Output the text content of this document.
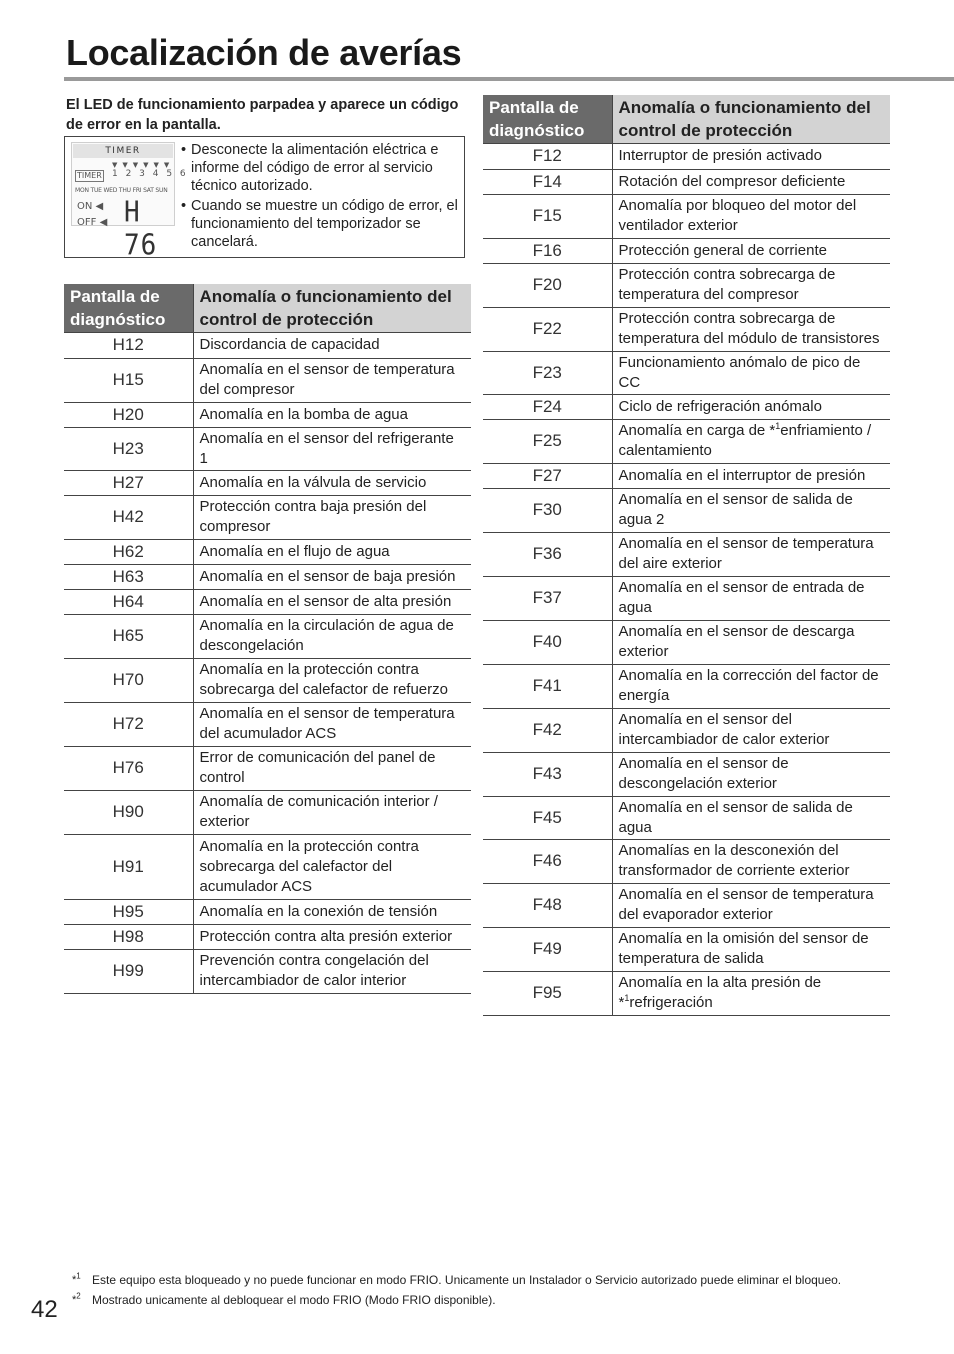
Localización de averías

El LED de funcionamiento parpadea y aparece un código de error en la pantalla.

TIMER
▼▼▼▼▼▼
TIMER 1 2 3 4 5 6
MON TUE WED THU FRI SAT SUN
ON ◀
OFF ◀ H 76
• Desconecte la alimentación eléctrica e informe del código de error al servicio técnico autorizado.
• Cuando se muestre un código de error, el funcionamiento del temporizador se cancelará.
Pantalla de diagnóstico	Anomalía o funcionamiento del control de protección
H12	Discordancia de capacidad
H15	Anomalía en el sensor de temperatura del compresor
H20	Anomalía en la bomba de agua
H23	Anomalía en el sensor del refrigerante 1
H27	Anomalía en la válvula de servicio
H42	Protección contra baja presión del compresor
H62	Anomalía en el flujo de agua
H63	Anomalía en el sensor de baja presión
H64	Anomalía en el sensor de alta presión
H65	Anomalía en la circulación de agua de descongelación
H70	Anomalía en la protección contra sobrecarga del calefactor de refuerzo
H72	Anomalía en el sensor de temperatura del acumulador ACS
H76	Error de comunicación del panel de control
H90	Anomalía de comunicación interior / exterior
H91	Anomalía en la protección contra sobrecarga del calefactor del acumulador ACS
H95	Anomalía en la conexión de tensión
H98	Protección contra alta presión exterior
H99	Prevención contra congelación del intercambiador de calor interior
Pantalla de diagnóstico	Anomalía o funcionamiento del control de protección
F12	Interruptor de presión activado
F14	Rotación del compresor deficiente
F15	Anomalía por bloqueo del motor del ventilador exterior
F16	Protección general de corriente
F20	Protección contra sobrecarga de temperatura del compresor
F22	Protección contra sobrecarga de temperatura del módulo de transistores
F23	Funcionamiento anómalo de pico de CC
F24	Ciclo de refrigeración anómalo
F25	Anomalía en carga de *$^1$enfriamiento / calentamiento
F27	Anomalía en el interruptor de presión
F30	Anomalía en el sensor de salida de agua 2
F36	Anomalía en el sensor de temperatura del aire exterior
F37	Anomalía en el sensor de entrada de agua
F40	Anomalía en el sensor de descarga exterior
F41	Anomalía en la corrección del factor de energía
F42	Anomalía en el sensor del intercambiador de calor exterior
F43	Anomalía en el sensor de descongelación exterior
F45	Anomalía en el sensor de salida de agua
F46	Anomalías en la desconexión del transformador de corriente exterior
F48	Anomalía en el sensor de temperatura del evaporador exterior
F49	Anomalía en la omisión del sensor de temperatura de salida
F95	Anomalía en la alta presión de *$^1$refrigeración
*$^1$ Este equipo esta bloqueado y no puede funcionar en modo FRIO. Unicamente un Instalador o Servicio autorizado puede eliminar el bloqueo.
*$^2$ Mostrado unicamente al debloquear el modo FRIO (Modo FRIO disponible).
42
